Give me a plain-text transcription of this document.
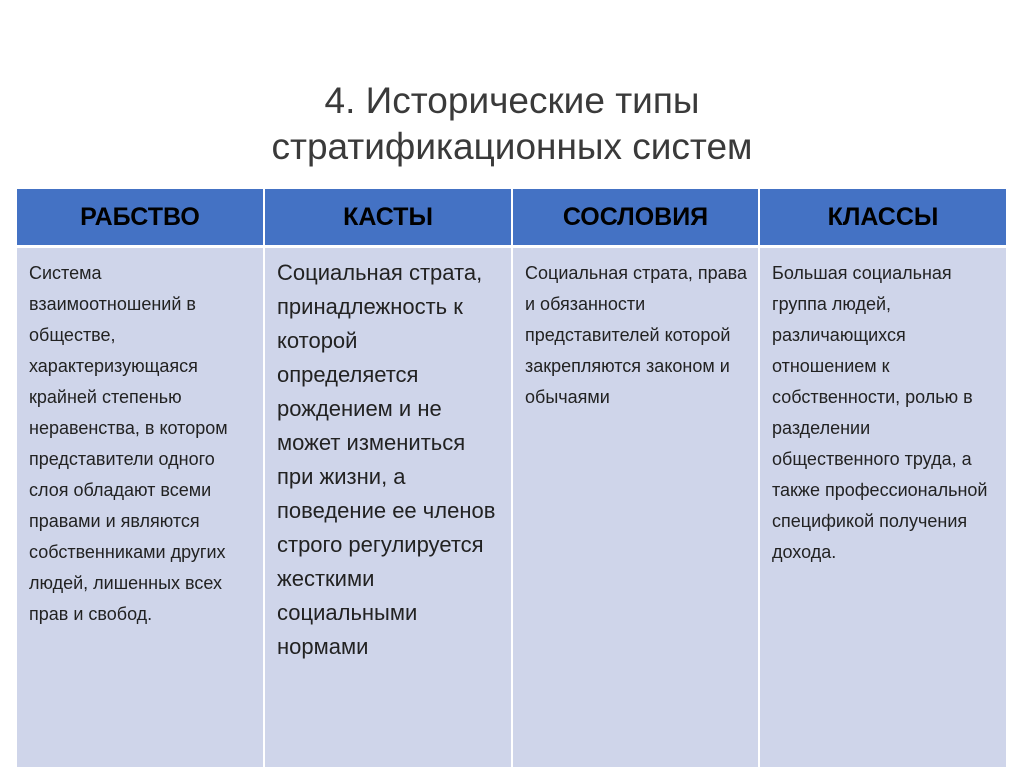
4. Исторические типы
стратификационных систем
РАБСТВО	КАСТЫ	СОСЛОВИЯ	КЛАССЫ
Система взаимоотношений в обществе, характеризующаяся крайней степенью неравенства, в котором представители одного слоя обладают всеми правами и являются собственниками других людей, лишенных всех прав и свобод.	Социальная страта, принадлежность к которой определяется рождением и не может измениться при жизни, а поведение ее членов строго регулируется жесткими социальными нормами	Социальная страта, права и обязанности представителей которой закрепляются законом и обычаями	Большая социальная группа людей, различающихся отношением к собственности, ролью в разделении общественного труда, а также профессиональной спецификой получения дохода.
